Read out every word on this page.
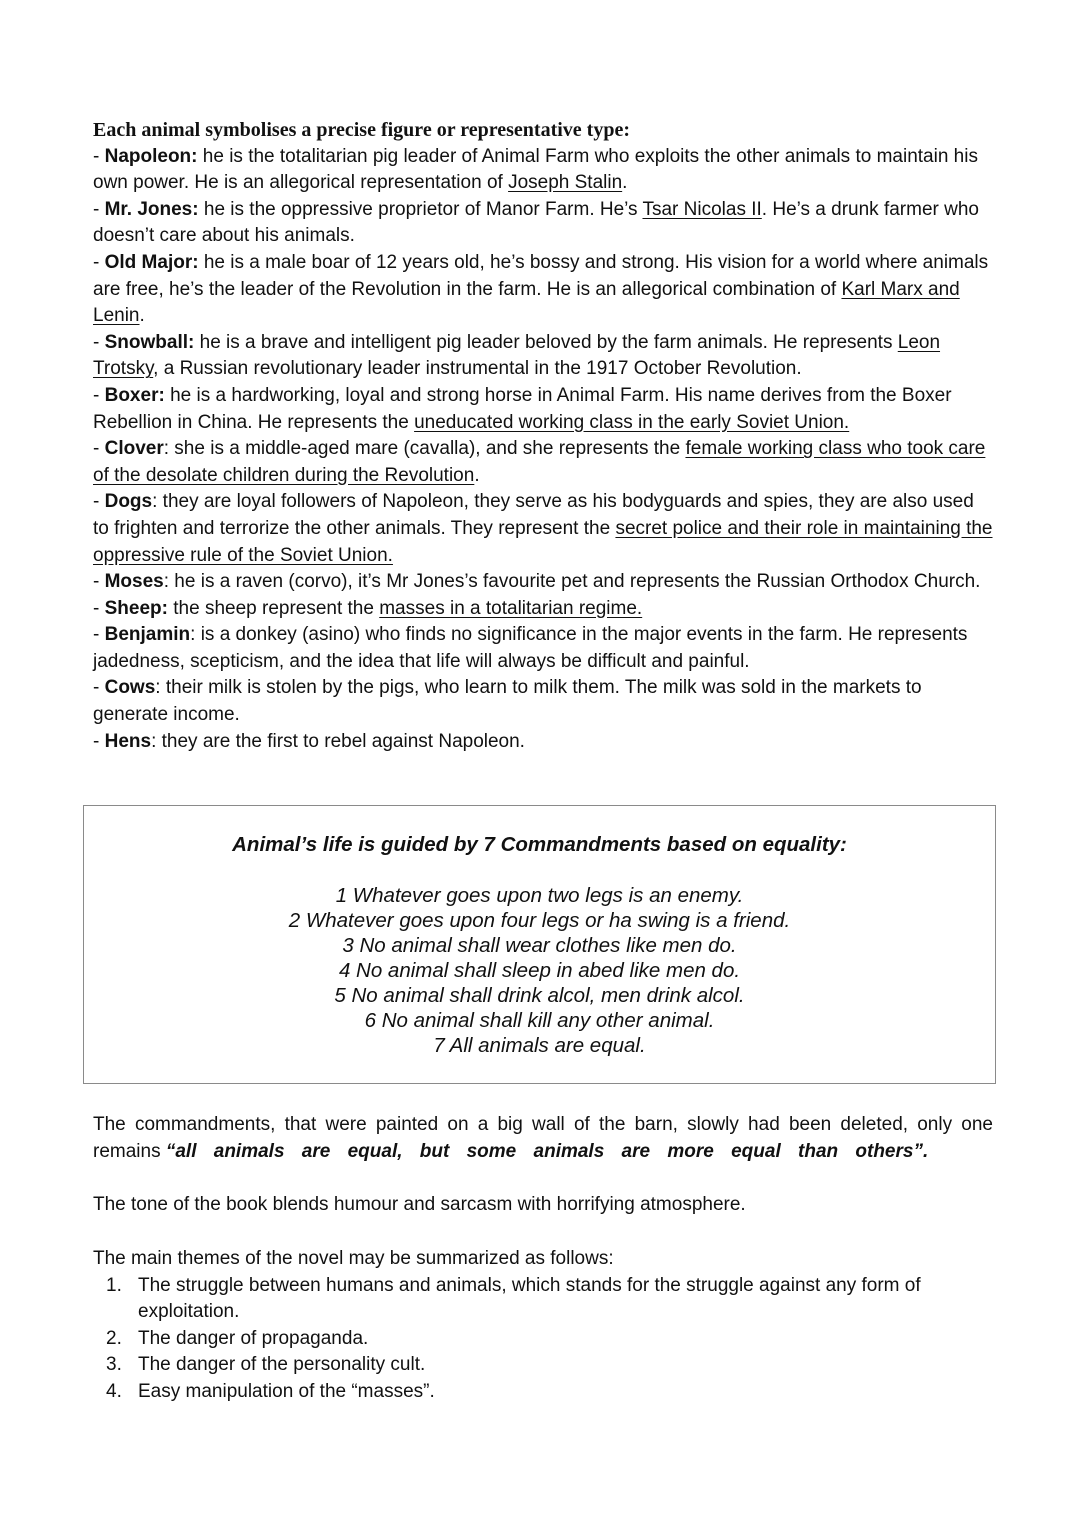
Each animal symbolises a precise figure or representative type:
- Napoleon: he is the totalitarian pig leader of Animal Farm who exploits the other animals to maintain his own power. He is an allegorical representation of Joseph Stalin.
- Mr. Jones: he is the oppressive proprietor of Manor Farm. He’s Tsar Nicolas II. He’s a drunk farmer who doesn’t care about his animals.
- Old Major: he is a male boar of 12 years old, he’s bossy and strong. His vision for a world where animals are free, he’s the leader of the Revolution in the farm. He is an allegorical combination of Karl Marx and Lenin.
- Snowball: he is a brave and intelligent pig leader beloved by the farm animals. He represents Leon Trotsky, a Russian revolutionary leader instrumental in the 1917 October Revolution.
- Boxer: he is a hardworking, loyal and strong horse in Animal Farm. His name derives from the Boxer Rebellion in China. He represents the uneducated working class in the early Soviet Union.
- Clover: she is a middle-aged mare (cavalla), and she represents the female working class who took care of the desolate children during the Revolution.
- Dogs: they are loyal followers of Napoleon, they serve as his bodyguards and spies, they are also used to frighten and terrorize the other animals. They represent the secret police and their role in maintaining the oppressive rule of the Soviet Union.
- Moses: he is a raven (corvo), it’s Mr Jones’s favourite pet and represents the Russian Orthodox Church.
- Sheep: the sheep represent the masses in a totalitarian regime.
- Benjamin: is a donkey (asino) who finds no significance in the major events in the farm. He represents jadedness, scepticism, and the idea that life will always be difficult and painful.
- Cows: their milk is stolen by the pigs, who learn to milk them. The milk was sold in the markets to generate income.
- Hens: they are the first to rebel against Napoleon.
Animal’s life is guided by 7 Commandments based on equality:
1 Whatever goes upon two legs is an enemy.
2 Whatever goes upon four legs or ha swing is a friend.
3 No animal shall wear clothes like men do.
4 No animal shall sleep in abed like men do.
5 No animal shall drink alcol, men drink alcol.
6 No animal shall kill any other animal.
7 All animals are equal.
The commandments, that were painted on a big wall of the barn, slowly had been deleted, only one remains “all animals are equal, but some animals are more equal than others”.
The tone of the book blends humour and sarcasm with horrifying atmosphere.
The main themes of the novel may be summarized as follows:
1. The struggle between humans and animals, which stands for the struggle against any form of exploitation.
2. The danger of propaganda.
3. The danger of the personality cult.
4. Easy manipulation of the “masses”.
